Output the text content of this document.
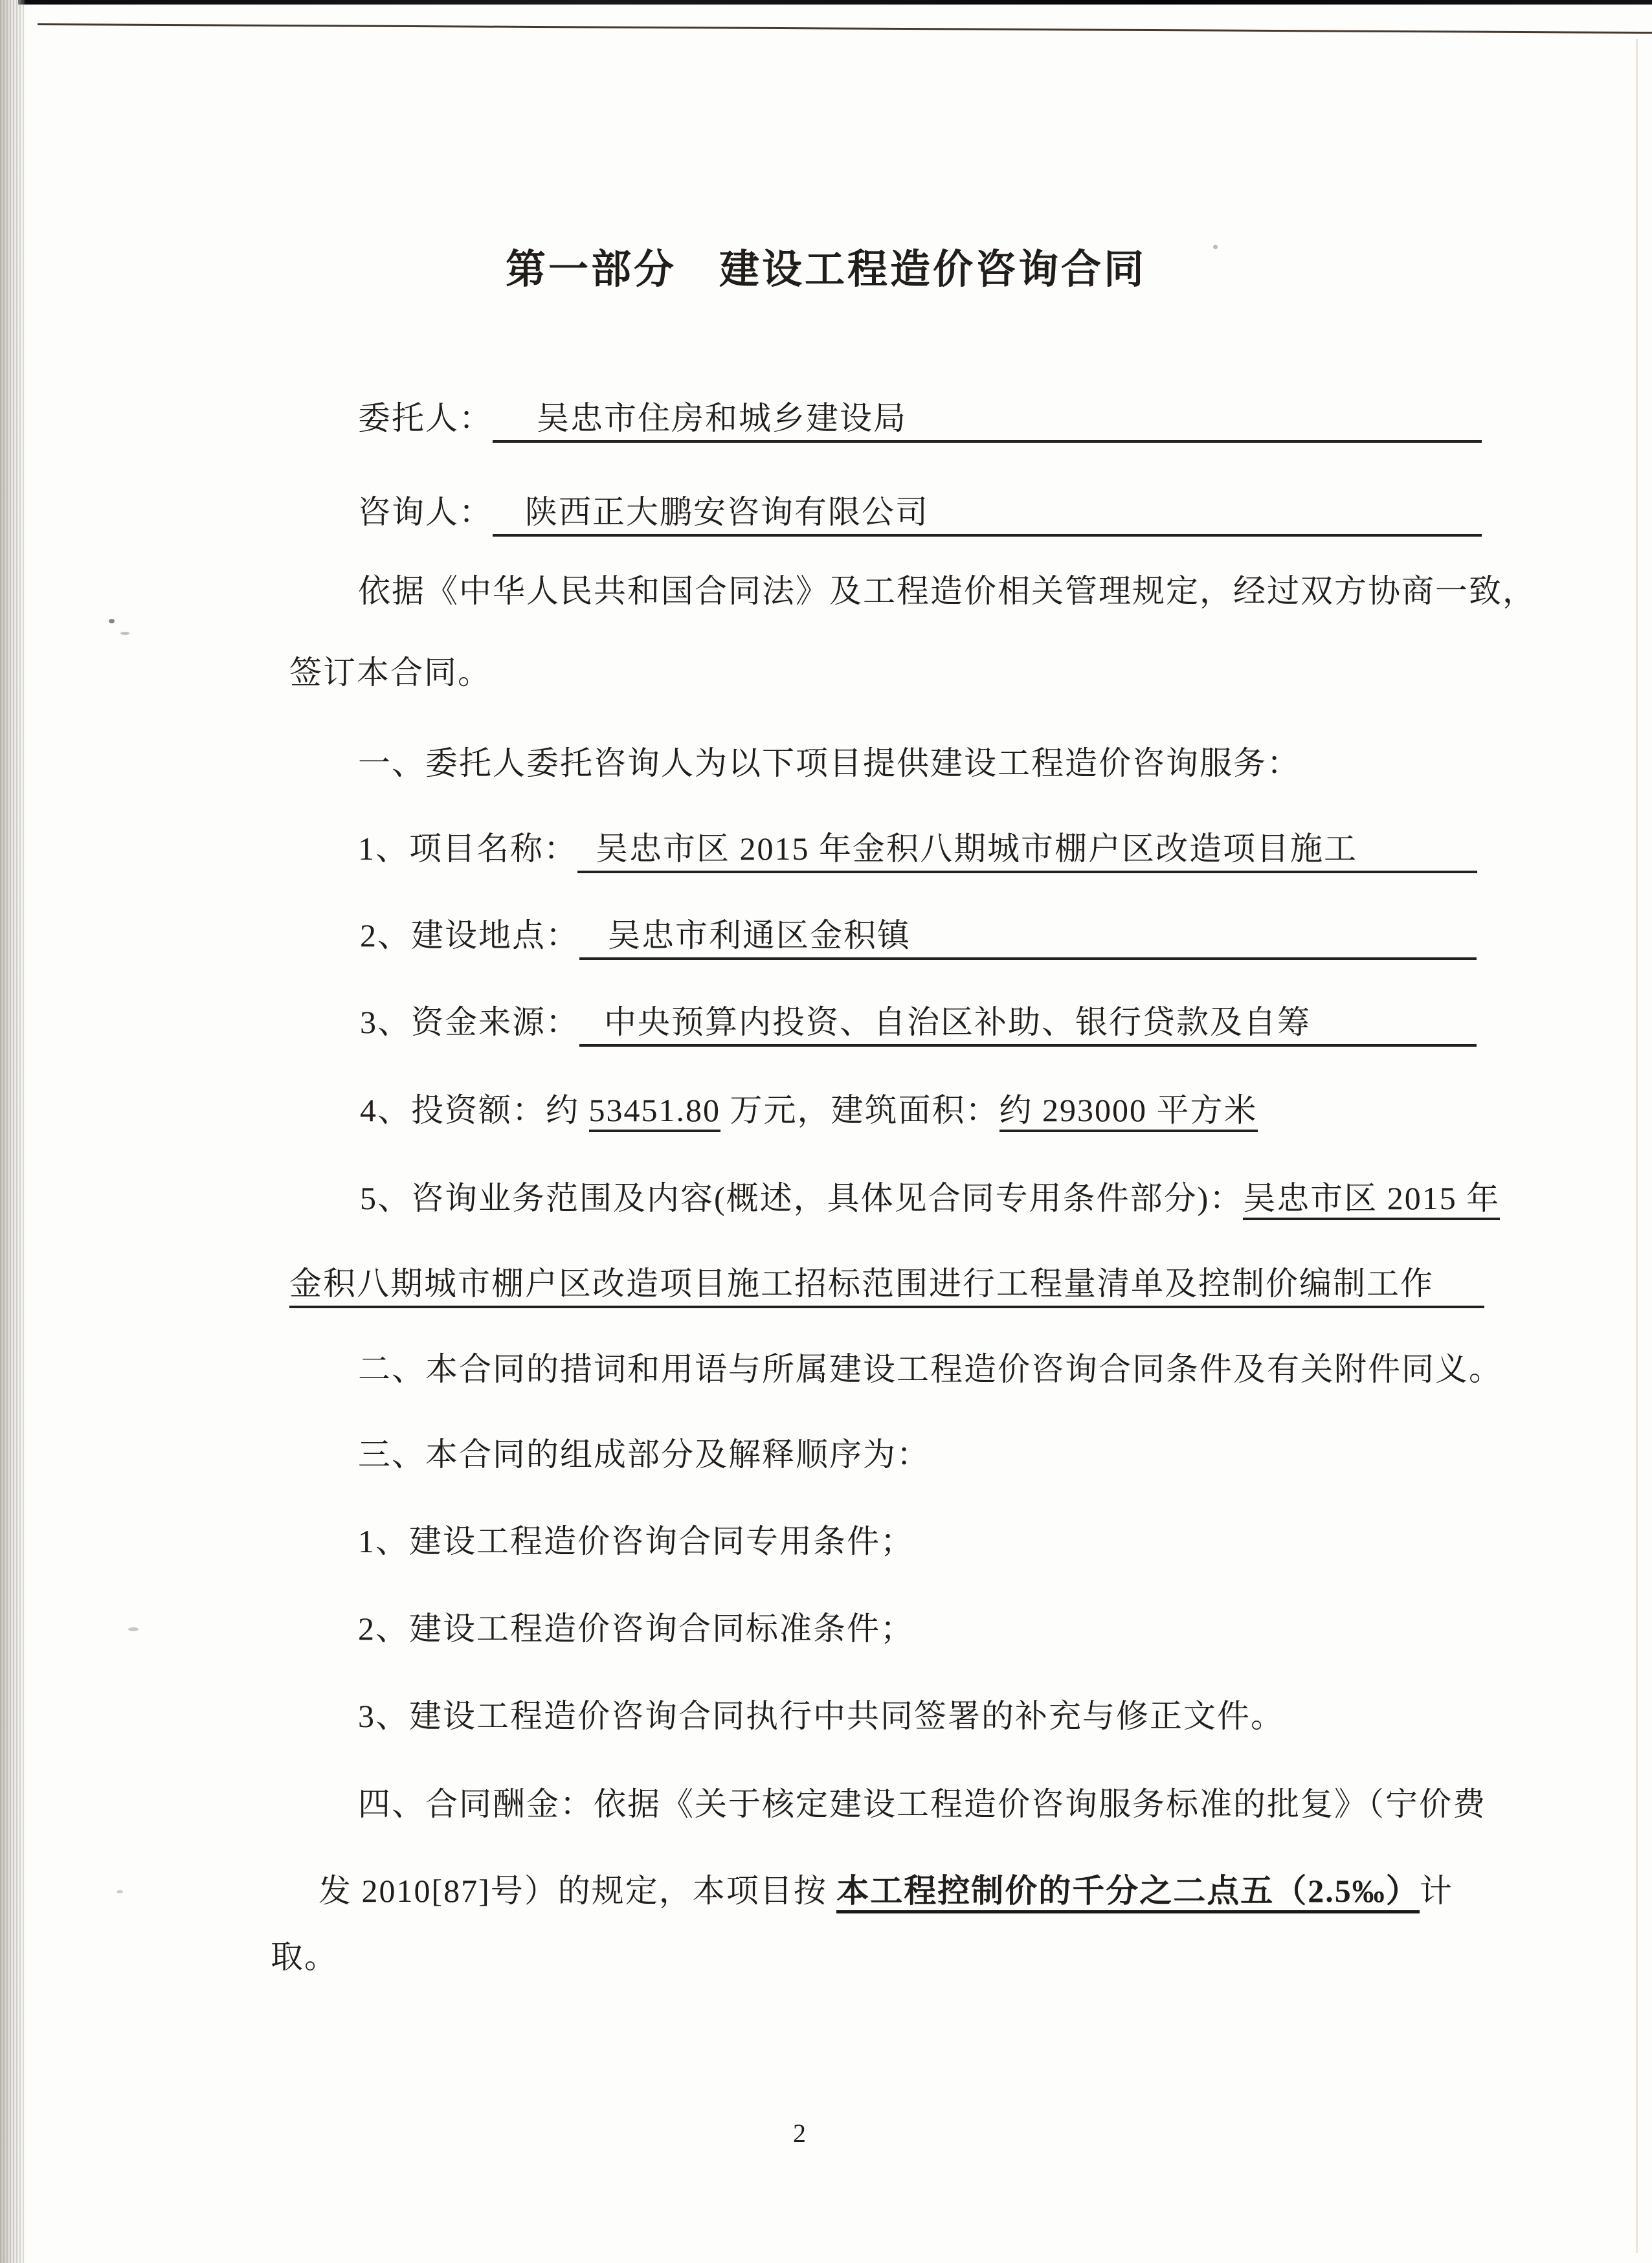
第一部分　建设工程造价咨询合同
委托人： 吴忠市住房和城乡建设局
咨询人： 陕西正大鹏安咨询有限公司
依据《中华人民共和国合同法》及工程造价相关管理规定，经过双方协商一致，
签订本合同。
一、委托人委托咨询人为以下项目提供建设工程造价咨询服务：
1、项目名称： 吴忠市区 2015 年金积八期城市棚户区改造项目施工
2、建设地点： 吴忠市利通区金积镇
3、资金来源： 中央预算内投资、自治区补助、银行贷款及自筹
4、投资额：约 53451.80 万元，建筑面积：约 293000 平方米
5、咨询业务范围及内容(概述，具体见合同专用条件部分)：吴忠市区 2015 年
金积八期城市棚户区改造项目施工招标范围进行工程量清单及控制价编制工作
二、本合同的措词和用语与所属建设工程造价咨询合同条件及有关附件同义。
三、本合同的组成部分及解释顺序为：
1、建设工程造价咨询合同专用条件；
2、建设工程造价咨询合同标准条件；
3、建设工程造价咨询合同执行中共同签署的补充与修正文件。
四、合同酬金：依据《关于核定建设工程造价咨询服务标准的批复》（宁价费
发 2010[87]号）的规定，本项目按 本工程控制价的千分之二点五（2.5‰）计
取。
2
